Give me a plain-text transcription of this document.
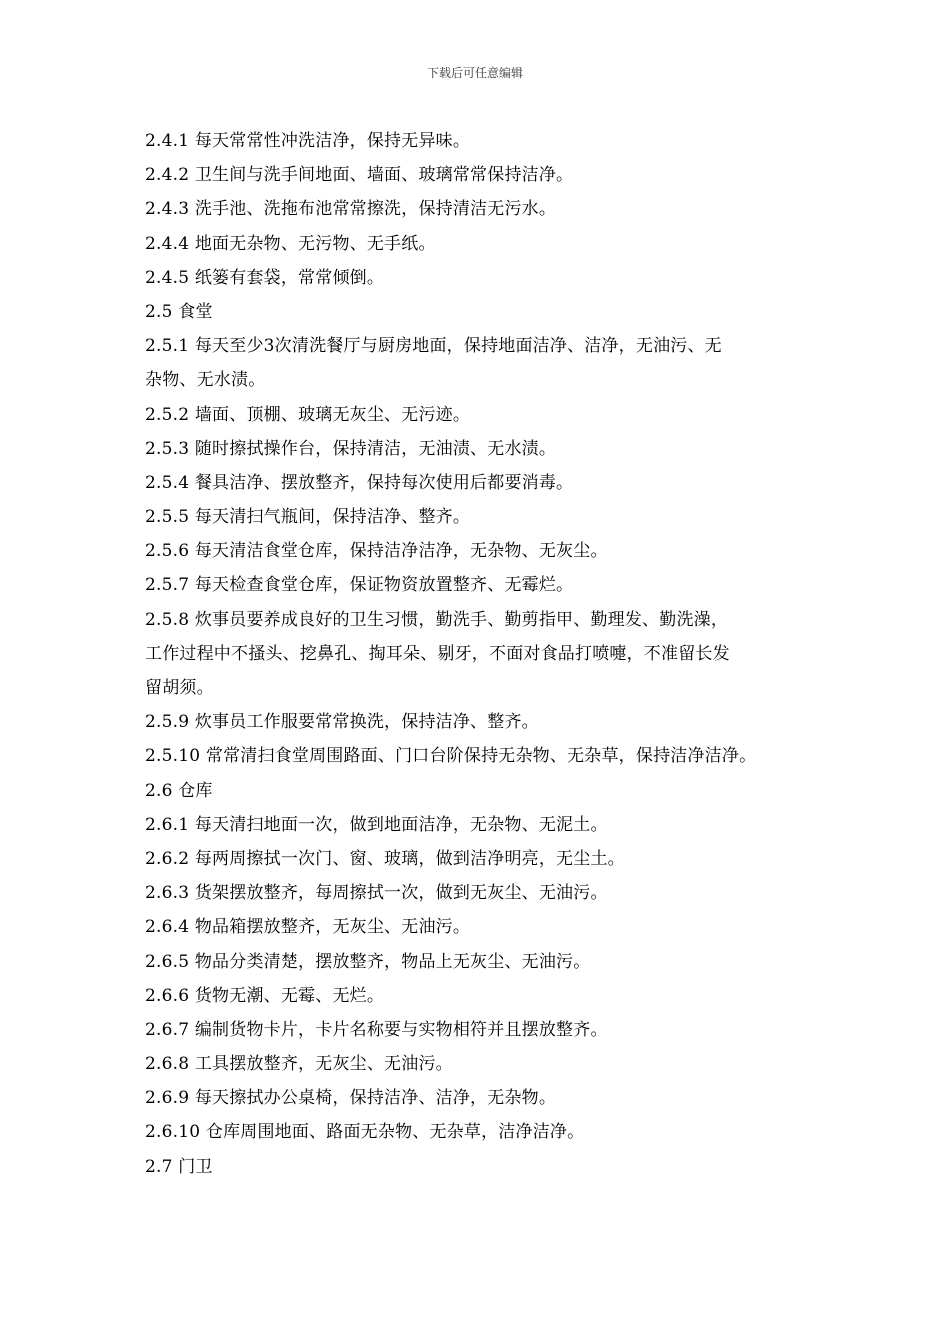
下载后可任意编辑
2.4.1 每天常常性冲洗洁净，保持无异味。
2.4.2 卫生间与洗手间地面、墙面、玻璃常常保持洁净。
2.4.3 洗手池、洗拖布池常常擦洗，保持清洁无污水。
2.4.4 地面无杂物、无污物、无手纸。
2.4.5 纸篓有套袋，常常倾倒。
2.5 食堂
2.5.1 每天至少3次清洗餐厅与厨房地面，保持地面洁净、洁净，无油污、无
杂物、无水渍。
2.5.2 墙面、顶棚、玻璃无灰尘、无污迹。
2.5.3 随时擦拭操作台，保持清洁，无油渍、无水渍。
2.5.4 餐具洁净、摆放整齐，保持每次使用后都要消毒。
2.5.5 每天清扫气瓶间，保持洁净、整齐。
2.5.6 每天清洁食堂仓库，保持洁净洁净，无杂物、无灰尘。
2.5.7 每天检查食堂仓库，保证物资放置整齐、无霉烂。
2.5.8 炊事员要养成良好的卫生习惯，勤洗手、勤剪指甲、勤理发、勤洗澡，
工作过程中不搔头、挖鼻孔、掏耳朵、剔牙，不面对食品打喷嚏，不准留长发
留胡须。
2.5.9 炊事员工作服要常常换洗，保持洁净、整齐。
2.5.10 常常清扫食堂周围路面、门口台阶保持无杂物、无杂草，保持洁净洁净。
2.6 仓库
2.6.1 每天清扫地面一次，做到地面洁净，无杂物、无泥土。
2.6.2 每两周擦拭一次门、窗、玻璃，做到洁净明亮，无尘土。
2.6.3 货架摆放整齐，每周擦拭一次，做到无灰尘、无油污。
2.6.4 物品箱摆放整齐，无灰尘、无油污。
2.6.5 物品分类清楚，摆放整齐，物品上无灰尘、无油污。
2.6.6 货物无潮、无霉、无烂。
2.6.7 编制货物卡片，卡片名称要与实物相符并且摆放整齐。
2.6.8 工具摆放整齐，无灰尘、无油污。
2.6.9 每天擦拭办公桌椅，保持洁净、洁净，无杂物。
2.6.10 仓库周围地面、路面无杂物、无杂草，洁净洁净。
2.7 门卫
